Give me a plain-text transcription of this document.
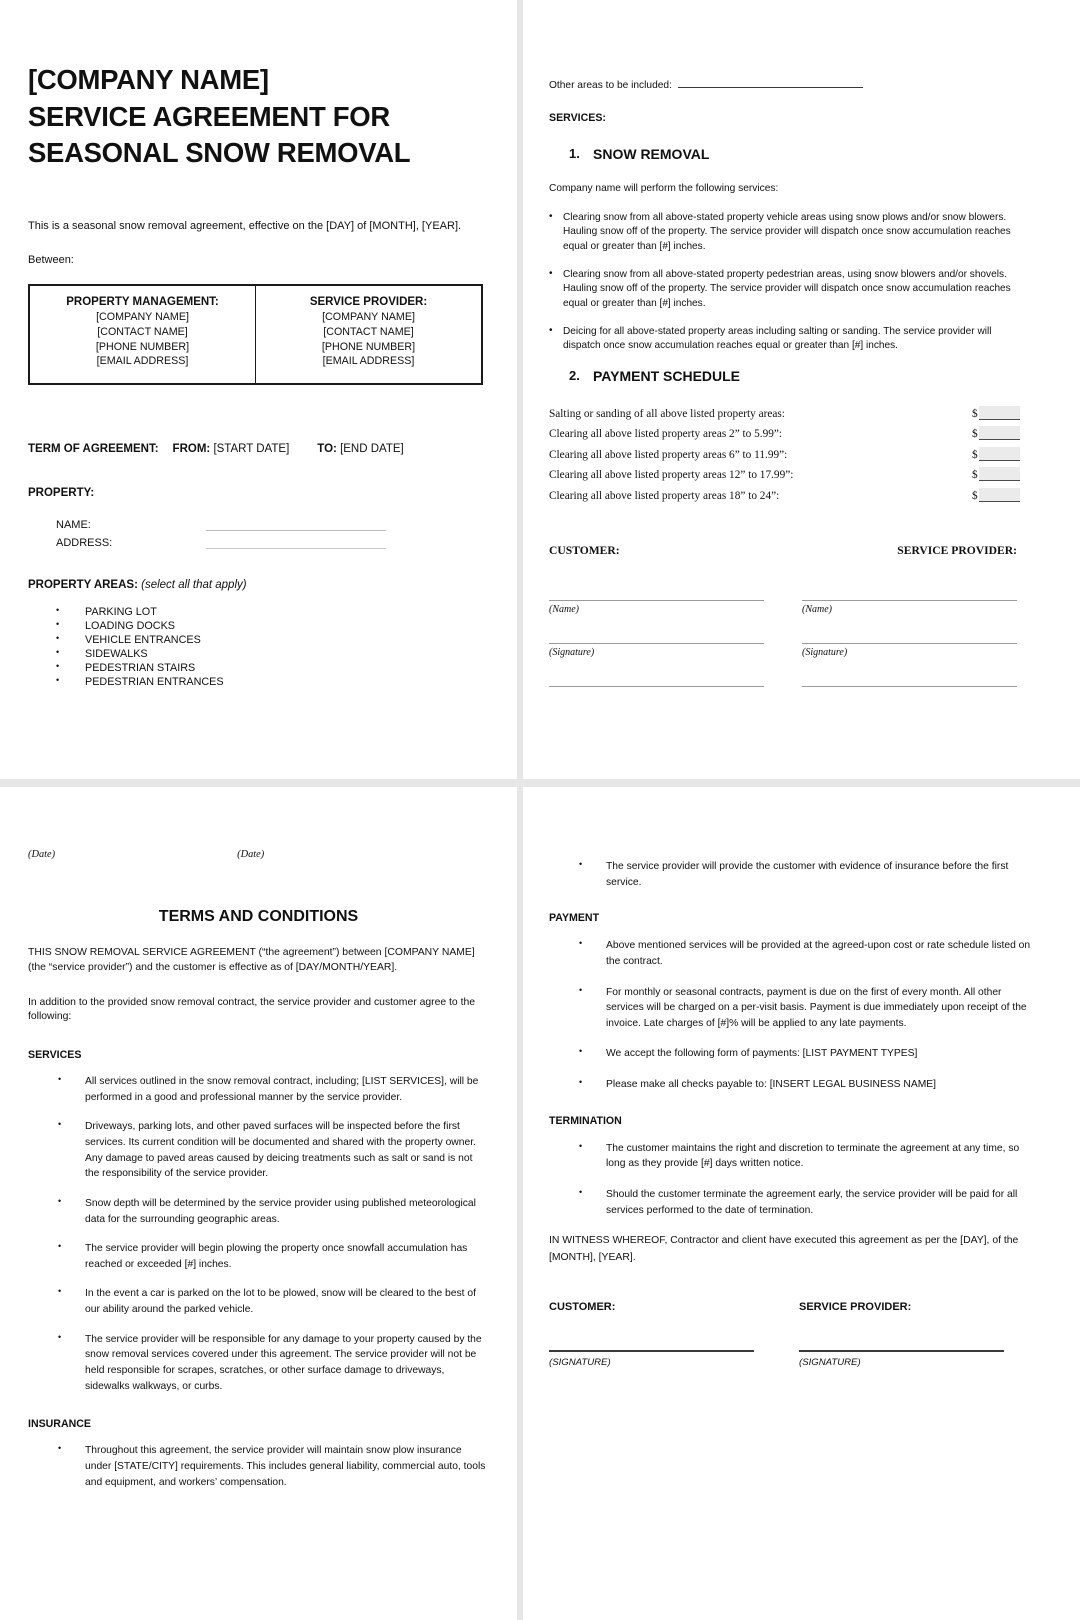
[COMPANY NAME]
SERVICE AGREEMENT FOR
SEASONAL SNOW REMOVAL
This is a seasonal snow removal agreement, effective on the [DAY] of [MONTH], [YEAR].
Between:
PROPERTY MANAGEMENT:
[COMPANY NAME]
[CONTACT NAME]
[PHONE NUMBER]
[EMAIL ADDRESS]

SERVICE PROVIDER:
[COMPANY NAME]
[CONTACT NAME]
[PHONE NUMBER]
[EMAIL ADDRESS]
TERM OF AGREEMENT: FROM: [START DATE] TO: [END DATE]
PROPERTY:
NAME:
ADDRESS:
PROPERTY AREAS: (select all that apply)
• PARKING LOT
• LOADING DOCKS
• VEHICLE ENTRANCES
• SIDEWALKS
• PEDESTRIAN STAIRS
• PEDESTRIAN ENTRANCES
Other areas to be included:
SERVICES:
1. SNOW REMOVAL
Company name will perform the following services:
• Clearing snow from all above-stated property vehicle areas using snow plows and/or snow blowers. Hauling snow off of the property. The service provider will dispatch once snow accumulation reaches equal or greater than [#] inches.
• Clearing snow from all above-stated property pedestrian areas, using snow blowers and/or shovels. Hauling snow off of the property. The service provider will dispatch once snow accumulation reaches equal or greater than [#] inches.
• Deicing for all above-stated property areas including salting or sanding. The service provider will dispatch once snow accumulation reaches equal or greater than [#] inches.
2. PAYMENT SCHEDULE
Salting or sanding of all above listed property areas:	$
Clearing all above listed property areas 2” to 5.99”:	$
Clearing all above listed property areas 6” to 11.99”:	$
Clearing all above listed property areas 12” to 17.99”:	$
Clearing all above listed property areas 18” to 24”:	$
CUSTOMER:
(Name)
(Signature)
SERVICE PROVIDER:
(Name)
(Signature)
(Date)	(Date)
TERMS AND CONDITIONS

THIS SNOW REMOVAL SERVICE AGREEMENT (“the agreement”) between [COMPANY NAME] (the “service provider”) and the customer is effective as of [DAY/MONTH/YEAR].

In addition to the provided snow removal contract, the service provider and customer agree to the following:

SERVICES
• All services outlined in the snow removal contract, including; [LIST SERVICES], will be performed in a good and professional manner by the service provider.
• Driveways, parking lots, and other paved surfaces will be inspected before the first services. Its current condition will be documented and shared with the property owner. Any damage to paved areas caused by deicing treatments such as salt or sand is not the responsibility of the service provider.
• Snow depth will be determined by the service provider using published meteorological data for the surrounding geographic areas.
• The service provider will begin plowing the property once snowfall accumulation has reached or exceeded [#] inches.
• In the event a car is parked on the lot to be plowed, snow will be cleared to the best of our ability around the parked vehicle.
• The service provider will be responsible for any damage to your property caused by the snow removal services covered under this agreement. The service provider will not be held responsible for scrapes, scratches, or other surface damage to driveways, sidewalks walkways, or curbs.
INSURANCE
• Throughout this agreement, the service provider will maintain snow plow insurance under [STATE/CITY] requirements. This includes general liability, commercial auto, tools and equipment, and workers’ compensation.
• The service provider will provide the customer with evidence of insurance before the first service.
PAYMENT
• Above mentioned services will be provided at the agreed-upon cost or rate schedule listed on the contract.
• For monthly or seasonal contracts, payment is due on the first of every month. All other services will be charged on a per-visit basis. Payment is due immediately upon receipt of the invoice. Late charges of [#]% will be applied to any late payments.
• We accept the following form of payments: [LIST PAYMENT TYPES]
• Please make all checks payable to: [INSERT LEGAL BUSINESS NAME]
TERMINATION
• The customer maintains the right and discretion to terminate the agreement at any time, so long as they provide [#] days written notice.
• Should the customer terminate the agreement early, the service provider will be paid for all services performed to the date of termination.
IN WITNESS WHEREOF, Contractor and client have executed this agreement as per the [DAY], of the [MONTH], [YEAR].
CUSTOMER:
(SIGNATURE)
SERVICE PROVIDER:
(SIGNATURE)
